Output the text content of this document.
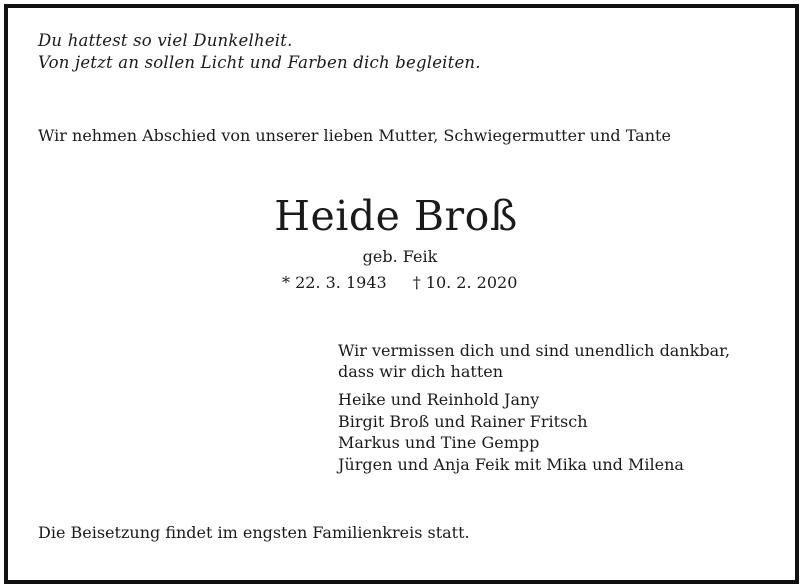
Du hattest so viel Dunkelheit.
Von jetzt an sollen Licht und Farben dich begleiten.
Wir nehmen Abschied von unserer lieben Mutter, Schwiegermutter und Tante
Heide Broß
geb. Feik
* 22. 3. 1943 † 10. 2. 2020
Wir vermissen dich und sind unendlich dankbar,
dass wir dich hatten
Heike und Reinhold Jany
Birgit Broß und Rainer Fritsch
Markus und Tine Gempp
Jürgen und Anja Feik mit Mika und Milena
Die Beisetzung findet im engsten Familienkreis statt.
